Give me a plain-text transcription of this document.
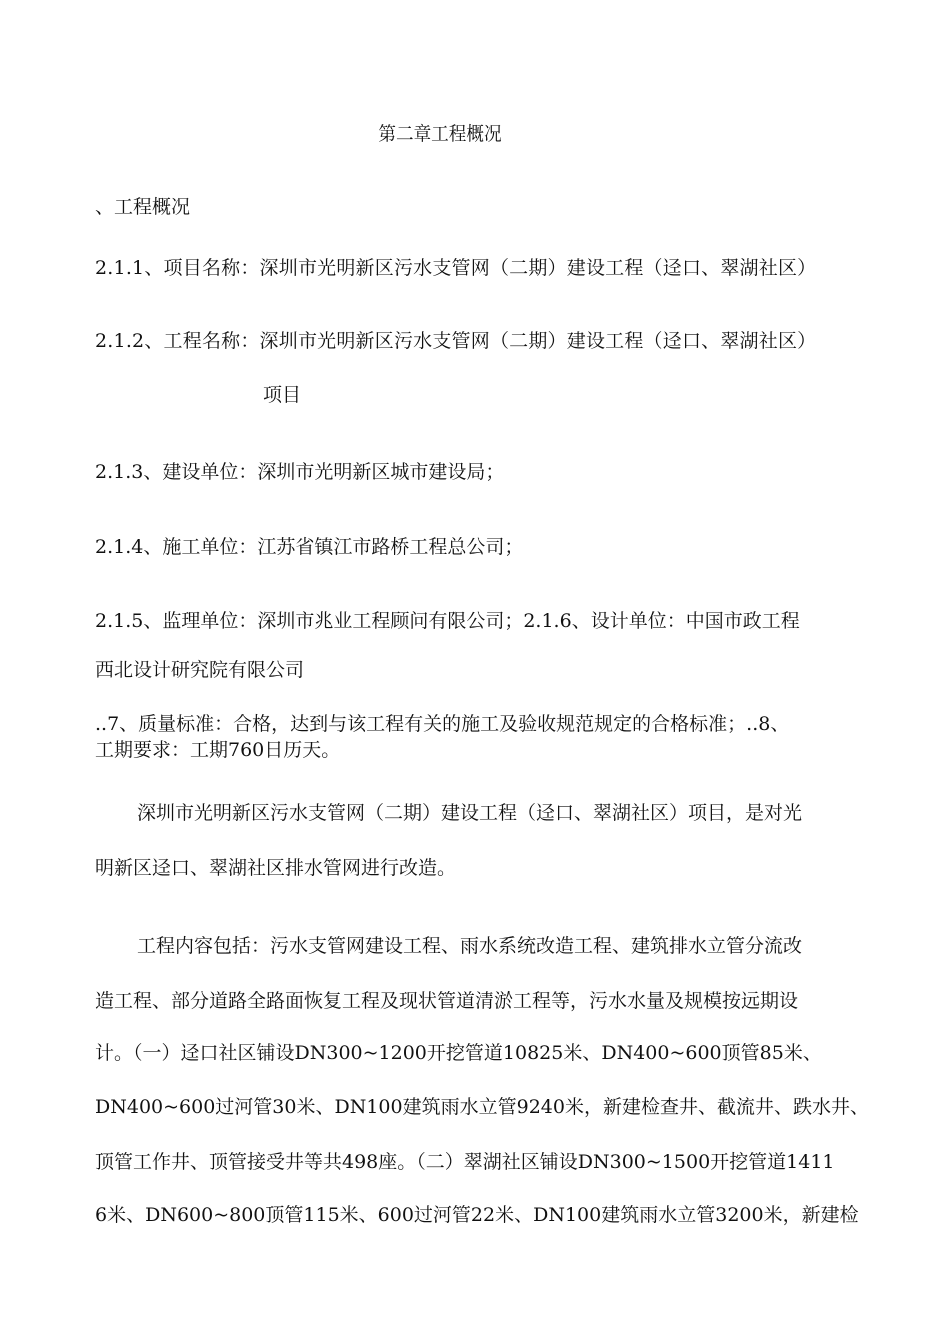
第二章工程概况
、工程概况
2.1.1、项目名称：深圳市光明新区污水支管网（二期）建设工程（迳口、翠湖社区）
2.1.2、工程名称：深圳市光明新区污水支管网（二期）建设工程（迳口、翠湖社区）
项目
2.1.3、建设单位：深圳市光明新区城市建设局；
2.1.4、施工单位：江苏省镇江市路桥工程总公司；
2.1.5、监理单位：深圳市兆业工程顾问有限公司；2.1.6、设计单位：中国市政工程
西北设计研究院有限公司
..7、质量标准：合格，达到与该工程有关的施工及验收规范规定的合格标准；..8、
工期要求：工期760日历天。
深圳市光明新区污水支管网（二期）建设工程（迳口、翠湖社区）项目，是对光
明新区迳口、翠湖社区排水管网进行改造。
工程内容包括：污水支管网建设工程、雨水系统改造工程、建筑排水立管分流改
造工程、部分道路全路面恢复工程及现状管道清淤工程等，污水水量及规模按远期设
计。（一）迳口社区铺设DN300~1200开挖管道10825米、DN400~600顶管85米、
DN400~600过河管30米、DN100建筑雨水立管9240米，新建检查井、截流井、跌水井、
顶管工作井、顶管接受井等共498座。（二）翠湖社区铺设DN300~1500开挖管道1411
6米、DN600~800顶管115米、600过河管22米、DN100建筑雨水立管3200米，新建检
